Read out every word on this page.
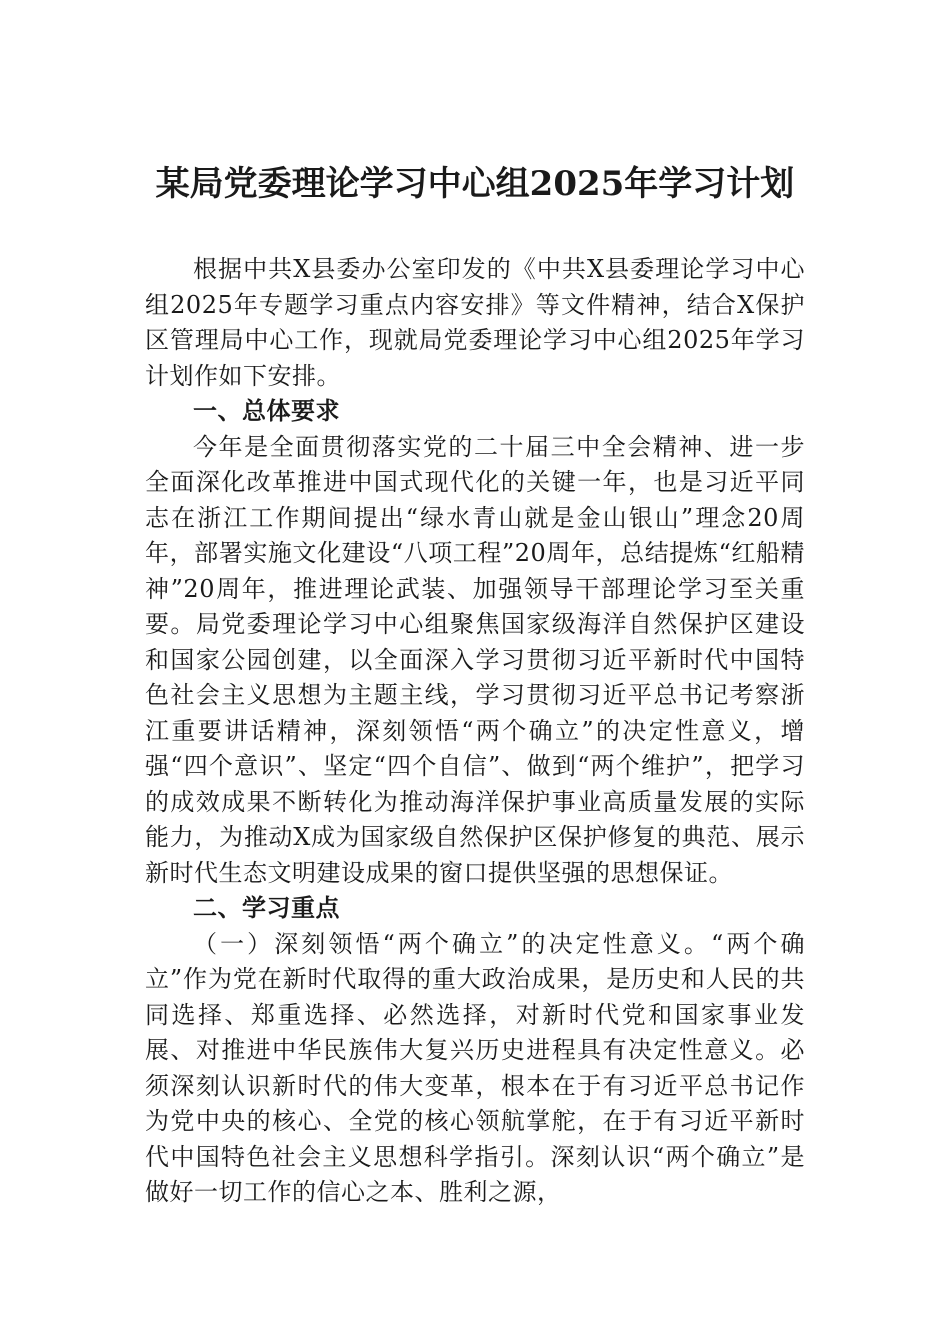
某局党委理论学习中心组2025年学习计划

根据中共X县委办公室印发的《中共X县委理论学习中心组2025年专题学习重点内容安排》等文件精神，结合X保护区管理局中心工作，现就局党委理论学习中心组2025年学习计划作如下安排。

一、总体要求

今年是全面贯彻落实党的二十届三中全会精神、进一步全面深化改革推进中国式现代化的关键一年，也是习近平同志在浙江工作期间提出“绿水青山就是金山银山”理念20周年，部署实施文化建设“八项工程”20周年，总结提炼“红船精神”20周年，推进理论武装、加强领导干部理论学习至关重要。局党委理论学习中心组聚焦国家级海洋自然保护区建设和国家公园创建，以全面深入学习贯彻习近平新时代中国特色社会主义思想为主题主线，学习贯彻习近平总书记考察浙江重要讲话精神，深刻领悟“两个确立”的决定性意义，增强“四个意识”、坚定“四个自信”、做到“两个维护”，把学习的成效成果不断转化为推动海洋保护事业高质量发展的实际能力，为推动X成为国家级自然保护区保护修复的典范、展示新时代生态文明建设成果的窗口提供坚强的思想保证。

二、学习重点

（一）深刻领悟“两个确立”的决定性意义。“两个确立”作为党在新时代取得的重大政治成果，是历史和人民的共同选择、郑重选择、必然选择，对新时代党和国家事业发展、对推进中华民族伟大复兴历史进程具有决定性意义。必须深刻认识新时代的伟大变革，根本在于有习近平总书记作为党中央的核心、全党的核心领航掌舵，在于有习近平新时代中国特色社会主义思想科学指引。深刻认识“两个确立”是做好一切工作的信心之本、胜利之源，
